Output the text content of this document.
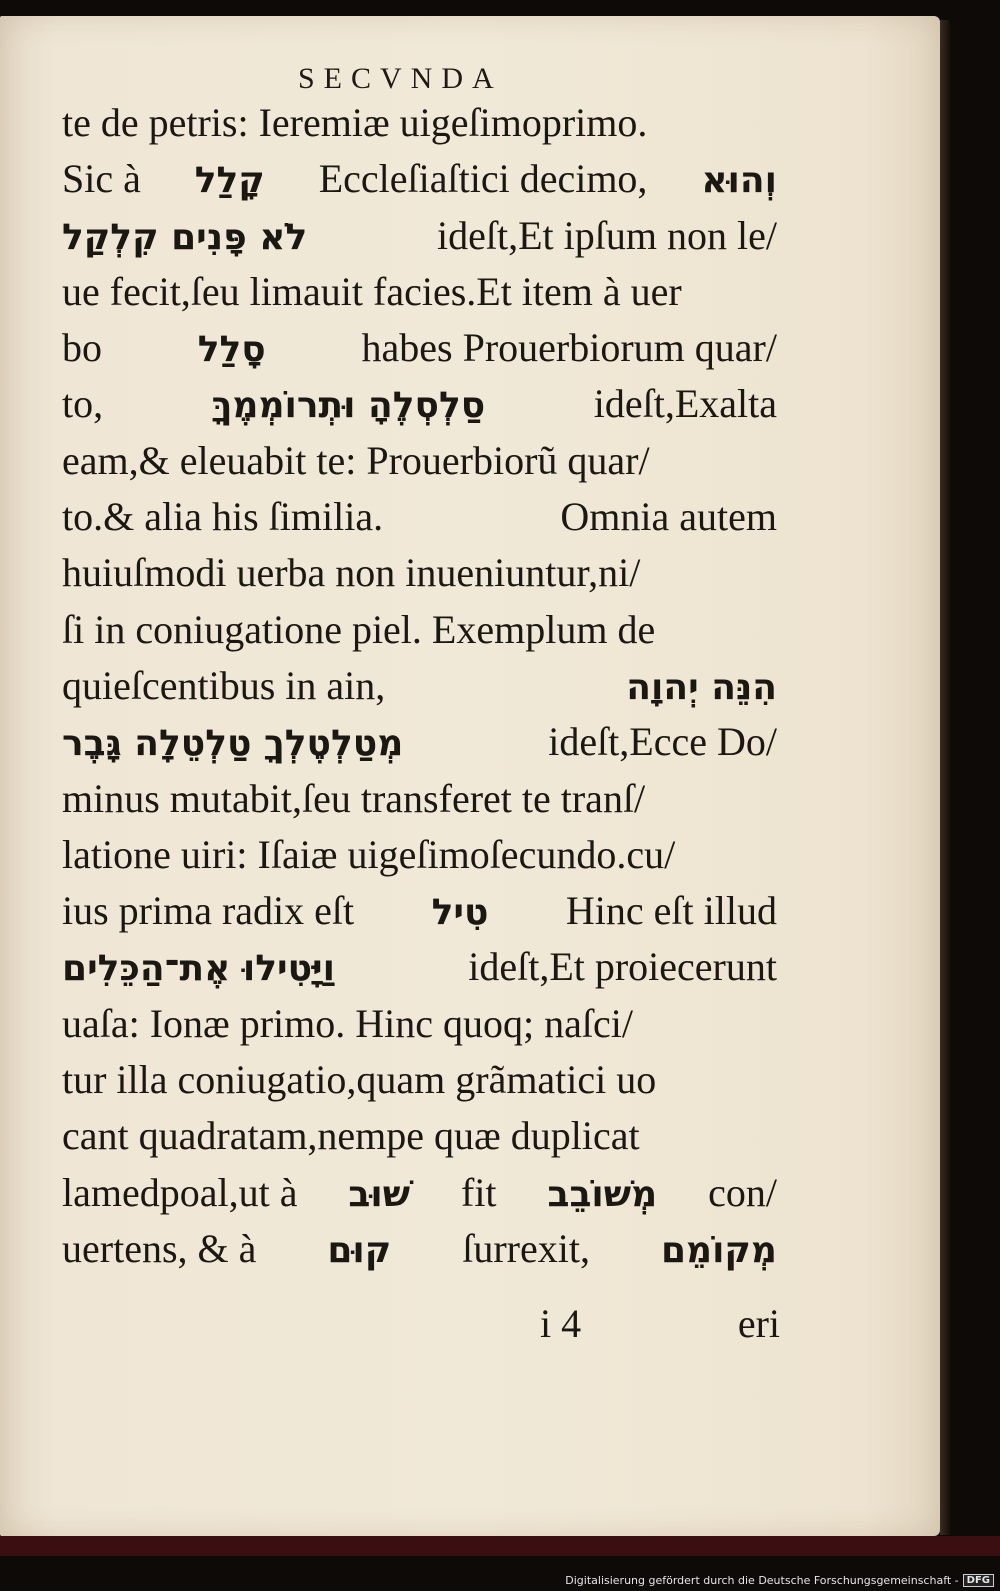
SECVNDA
te de petris: Ieremiæ uigeſimoprimo.
Sic à קָלַל Eccleſiaſtici decimo, וְהוּא
לֹא פָּנִים קִלְקַל	ideſt,Et ipſum non le/
ue fecit,ſeu limauit facies.Et item à uer
bo	סָלַל habes Prouerbiorum quar/
to,	סַלְסְלֶהָ וּתְרוֹמְמֶךָּ	ideſt,Exalta
eam,& eleuabit te: Prouerbiorũ quar/
to.& alia his ſimilia.	Omnia autem
huiuſmodi uerba non inueniuntur,ni/
ſi in coniugatione piel. Exemplum de
quieſcentibus in ain,	הִנֵּה יְהוָה
מְטַלְטֶלְךָ טַלְטֵלָה גָּבֶר	ideſt,Ecce Do/
minus mutabit,ſeu transferet te tranſ/
latione uiri: Iſaiæ uigeſimoſecundo.cu/
ius prima radix eſt טִיל Hinc eſt illud
וַיָּטִילוּ אֶת־הַכֵּלִים	ideſt,Et proiecerunt
uaſa: Ionæ primo. Hinc quoq; naſci/
tur illa coniugatio,quam grãmatici uo
cant quadratam,nempe quæ duplicat
lamedpoal,ut à שׁוּב fit מְשׁוֹבֵב con/
uertens, & à קוּם ſurrexit, מְקוֹמֵם
i 4	eri
Digitalisierung gefördert durch die Deutsche Forschungsgemeinschaft - DFG
